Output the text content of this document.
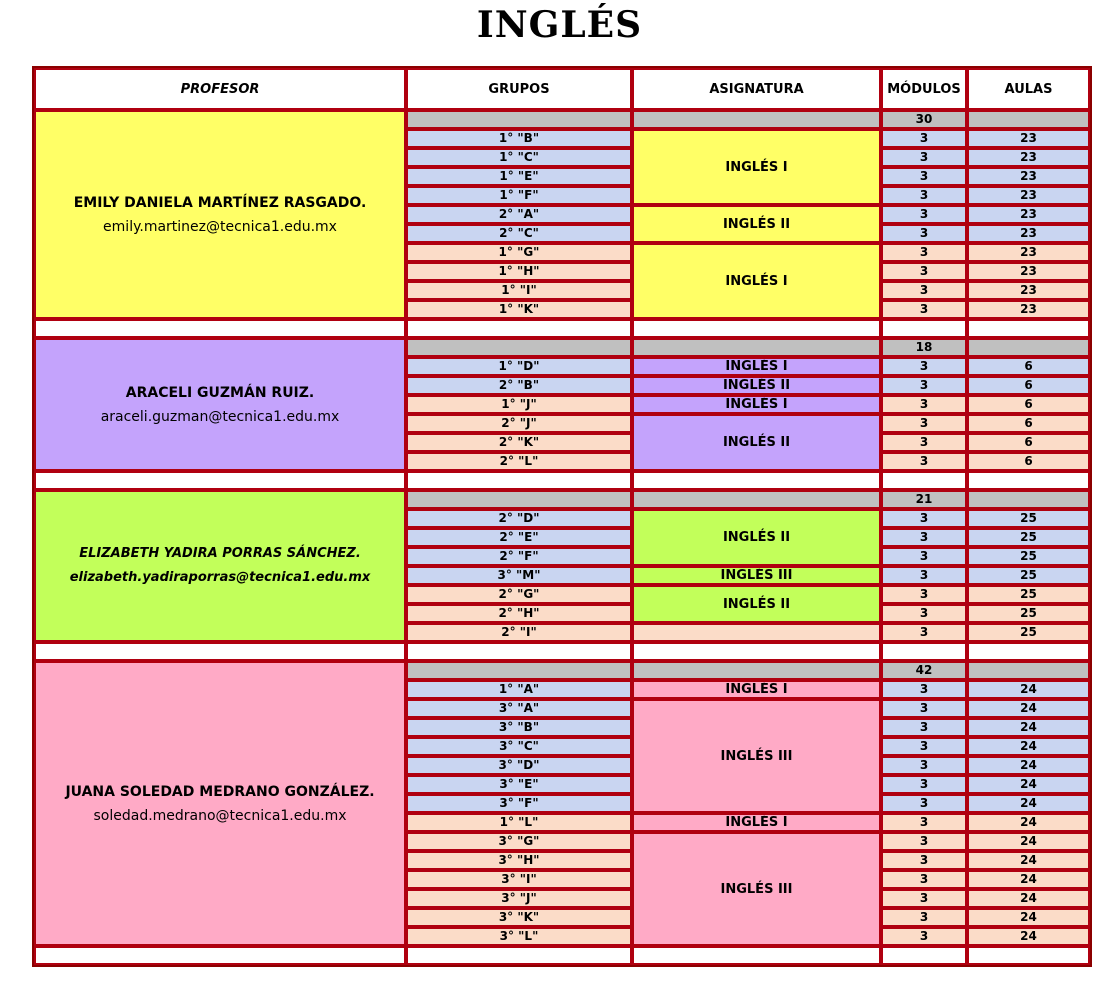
INGLÉS
PROFESOR	GRUPOS	ASIGNATURA	MÓDULOS	AULAS

EMILY DANIELA MARTÍNEZ RASGADO.
emily.martinez@tecnica1.edu.mx			30	
	1° "B"	INGLÉS I	3	23
	1° "C"		3	23
	1° "E"		3	23
	1° "F"		3	23
	2° "A"	INGLÉS II	3	23
	2° "C"		3	23
	1° "G"	INGLÉS I	3	23
	1° "H"		3	23
	1° "I"		3	23
	1° "K"		3	23

ARACELI GUZMÁN RUIZ.
araceli.guzman@tecnica1.edu.mx			18	
	1° "D"	INGLÉS I	3	6
	2° "B"	INGLÉS II	3	6
	1° "J"	INGLÉS I	3	6
	2° "J"	INGLÉS II	3	6
	2° "K"		3	6
	2° "L"		3	6

ELIZABETH YADIRA PORRAS SÁNCHEZ.
elizabeth.yadiraporras@tecnica1.edu.mx			21	
	2° "D"	INGLÉS II	3	25
	2° "E"		3	25
	2° "F"		3	25
	3° "M"	INGLÉS III	3	25
	2° "G"	INGLÉS II	3	25
	2° "H"		3	25
	2° "I"		3	25

JUANA SOLEDAD MEDRANO GONZÁLEZ.
soledad.medrano@tecnica1.edu.mx			42	
	1° "A"	INGLÉS I	3	24
	3° "A"	INGLÉS III	3	24
	3° "B"		3	24
	3° "C"		3	24
	3° "D"		3	24
	3° "E"		3	24
	3° "F"		3	24
	1° "L"	INGLÉS I	3	24
	3° "G"	INGLÉS III	3	24
	3° "H"		3	24
	3° "I"		3	24
	3° "J"		3	24
	3° "K"		3	24
	3° "L"		3	24
